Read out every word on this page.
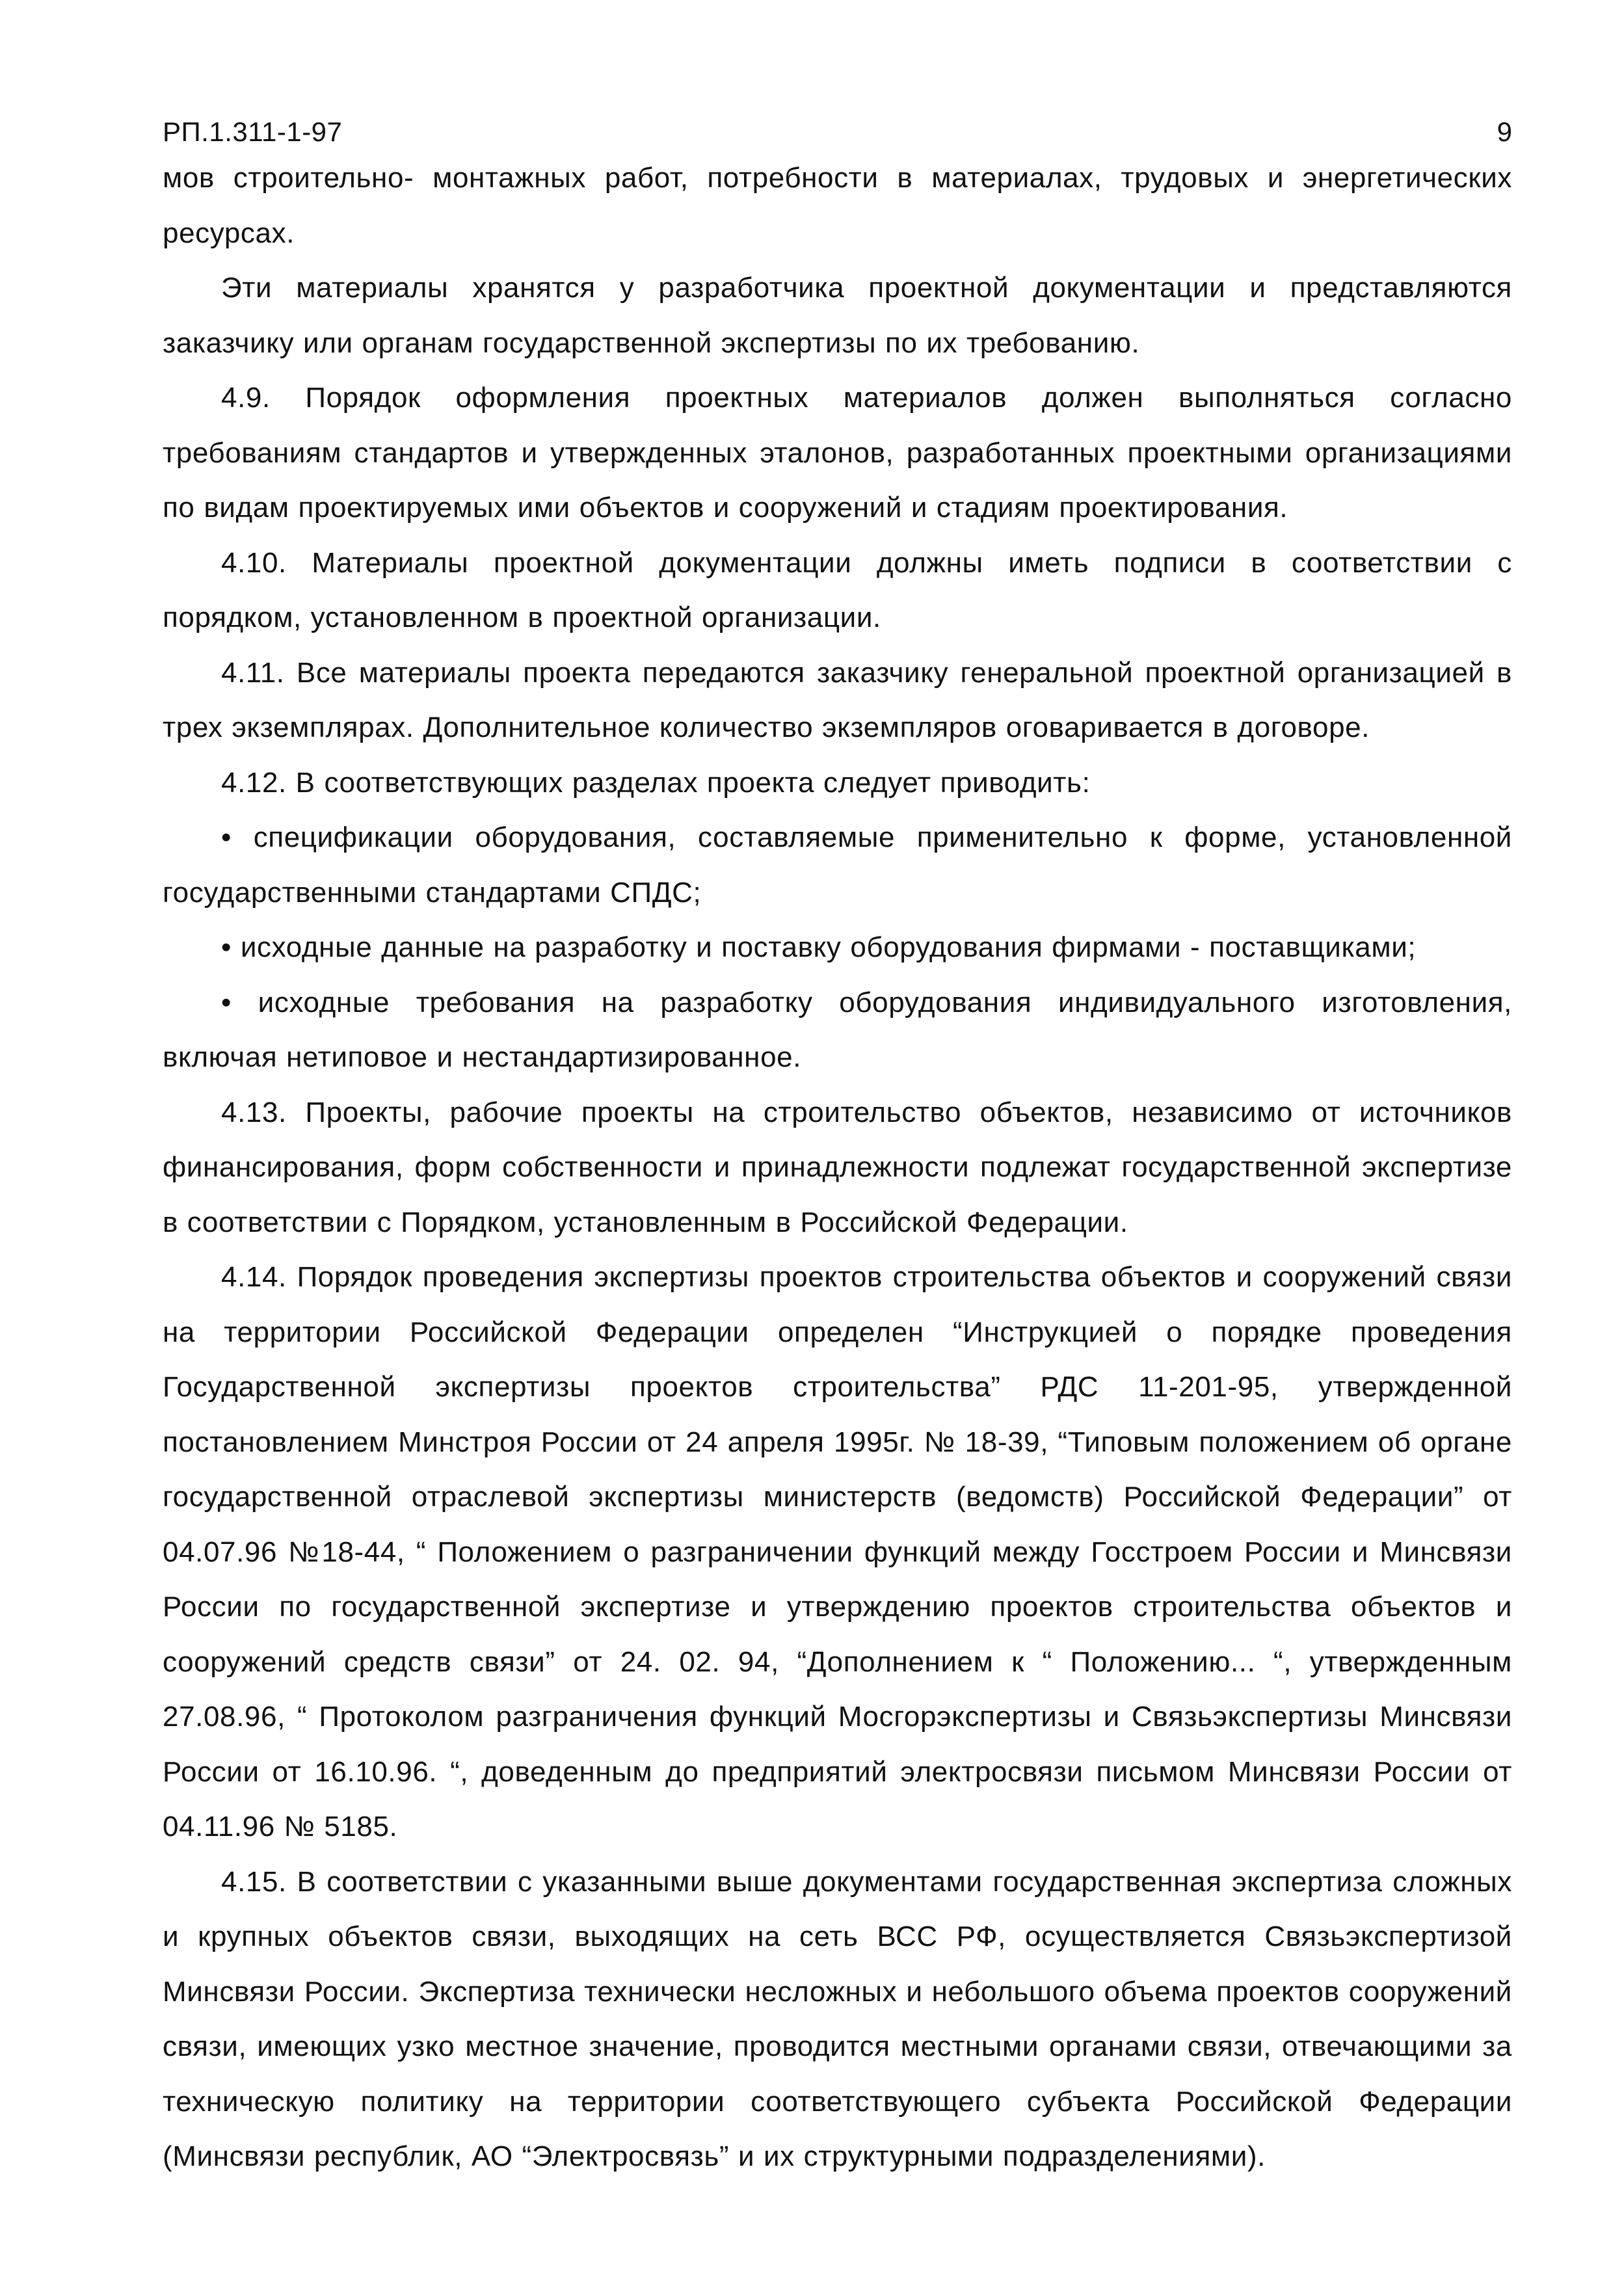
РП.1.311-1-97	9

мов строительно- монтажных работ, потребности в материалах, трудовых и энергетических ресурсах.

Эти материалы хранятся у разработчика проектной документации и представляются заказчику или органам государственной экспертизы по их требованию.

4.9. Порядок оформления проектных материалов должен выполняться согласно требованиям стандартов и утвержденных эталонов, разработанных проектными организациями по видам проектируемых ими объектов и сооружений и стадиям проектирования.

4.10. Материалы проектной документации должны иметь подписи в соответствии с порядком, установленном в проектной организации.

4.11. Все материалы проекта передаются заказчику генеральной проектной организацией в трех экземплярах. Дополнительное количество экземпляров оговаривается в договоре.

4.12. В соответствующих разделах проекта следует приводить:

• спецификации оборудования, составляемые применительно к форме, установленной государственными стандартами СПДС;

• исходные данные на разработку и поставку оборудования фирмами - поставщиками;

• исходные требования на разработку оборудования индивидуального изготовления, включая нетиповое и нестандартизированное.

4.13. Проекты, рабочие проекты на строительство объектов, независимо от источников финансирования, форм собственности и принадлежности подлежат государственной экспертизе в соответствии с Порядком, установленным в Российской Федерации.

4.14. Порядок проведения экспертизы проектов строительства объектов и сооружений связи на территории Российской Федерации определен “Инструкцией о порядке проведения Государственной экспертизы проектов строительства” РДС 11-201-95, утвержденной постановлением Минстроя России от 24 апреля 1995г. № 18-39, “Типовым положением об органе государственной отраслевой экспертизы министерств (ведомств) Российской Федерации” от 04.07.96 №18-44, “ Положением о разграничении функций между Госстроем России и Минсвязи России по государственной экспертизе и утверждению проектов строительства объектов и сооружений средств связи” от 24. 02. 94, “Дополнением к “ Положению... “, утвержденным 27.08.96, “ Протоколом разграничения функций Мосгорэкспертизы и Связьэкспертизы Минсвязи России от 16.10.96. “, доведенным до предприятий электросвязи письмом Минсвязи России от 04.11.96 № 5185.

4.15. В соответствии с указанными выше документами государственная экспертиза сложных и крупных объектов связи, выходящих на сеть ВСС РФ, осуществляется Связьэкспертизой Минсвязи России. Экспертиза технически несложных и небольшого объема проектов сооружений связи, имеющих узко местное значение, проводится местными органами связи, отвечающими за техническую политику на территории соответствующего субъекта Российской Федерации (Минсвязи республик, АО “Электросвязь” и их структурными подразделениями).
